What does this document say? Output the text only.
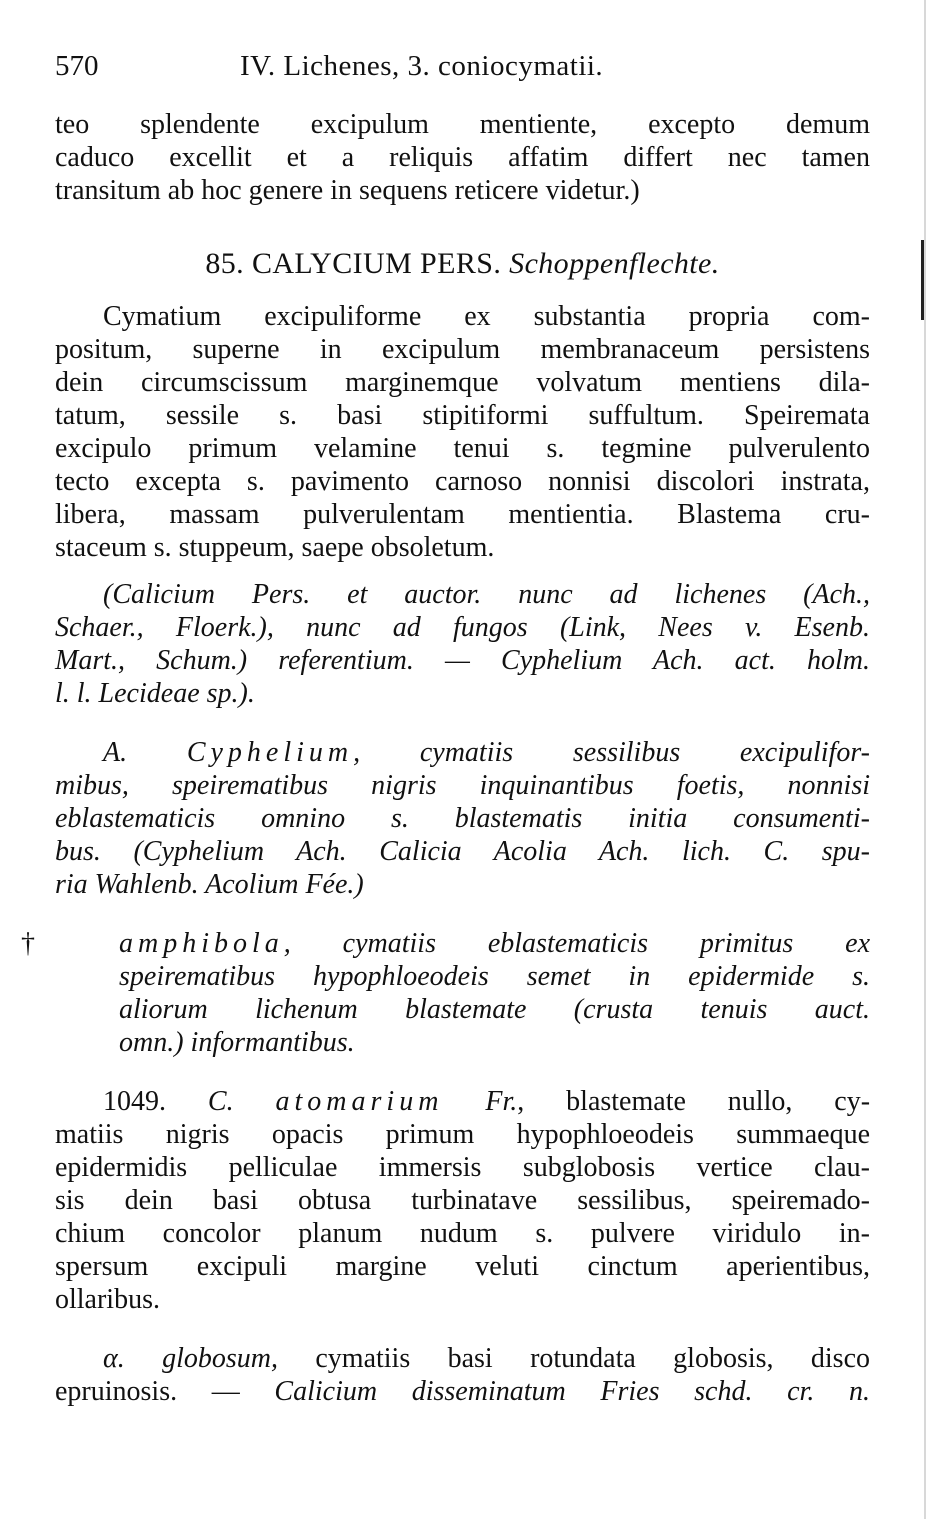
570	IV. Lichenes, 3. coniocymatii.

teo splendente excipulum mentiente, excepto demum
caduco excellit et a reliquis affatim differt nec tamen
transitum ab hoc genere in sequens reticere videtur.)

85. CALYCIUM PERS. Schoppenflechte.

Cymatium excipuliforme ex substantia propria com-
positum, superne in excipulum membranaceum persistens
dein circumscissum marginemque volvatum mentiens dila-
tatum, sessile s. basi stipitiformi suffultum. Speiremata
excipulo primum velamine tenui s. tegmine pulverulento
tecto excepta s. pavimento carnoso nonnisi discolori instrata,
libera, massam pulverulentam mentientia. Blastema cru-
staceum s. stuppeum, saepe obsoletum.

(Calicium Pers. et auctor. nunc ad lichenes (Ach.,
Schaer., Floerk.), nunc ad fungos (Link, Nees v. Esenb.
Mart., Schum.) referentium. — Cyphelium Ach. act. holm.
l. l. Lecideae sp.).

A. Cyphelium, cymatiis sessilibus excipulifor-
mibus, speirematibus nigris inquinantibus foetis, nonnisi
eblastematicis omnino s. blastematis initia consumenti-
bus. (Cyphelium Ach. Calicia Acolia Ach. lich. C. spu-
ria Wahlenb. Acolium Fée.)

†	amphibola, cymatiis eblastematicis primitus ex
speirematibus hypophloeodeis semet in epidermide s.
aliorum lichenum blastemate (crusta tenuis auct.
omn.) informantibus.

1049. C. atomarium Fr., blastemate nullo, cy-
matiis nigris opacis primum hypophloeodeis summaeque
epidermidis pelliculae immersis subglobosis vertice clau-
sis dein basi obtusa turbinatave sessilibus, speiremado-
chium concolor planum nudum s. pulvere viridulo in-
spersum excipuli margine veluti cinctum aperientibus,
ollaribus.

α. globosum, cymatiis basi rotundata globosis, disco
epruinosis. — Calicium disseminatum Fries schd. cr. n.
